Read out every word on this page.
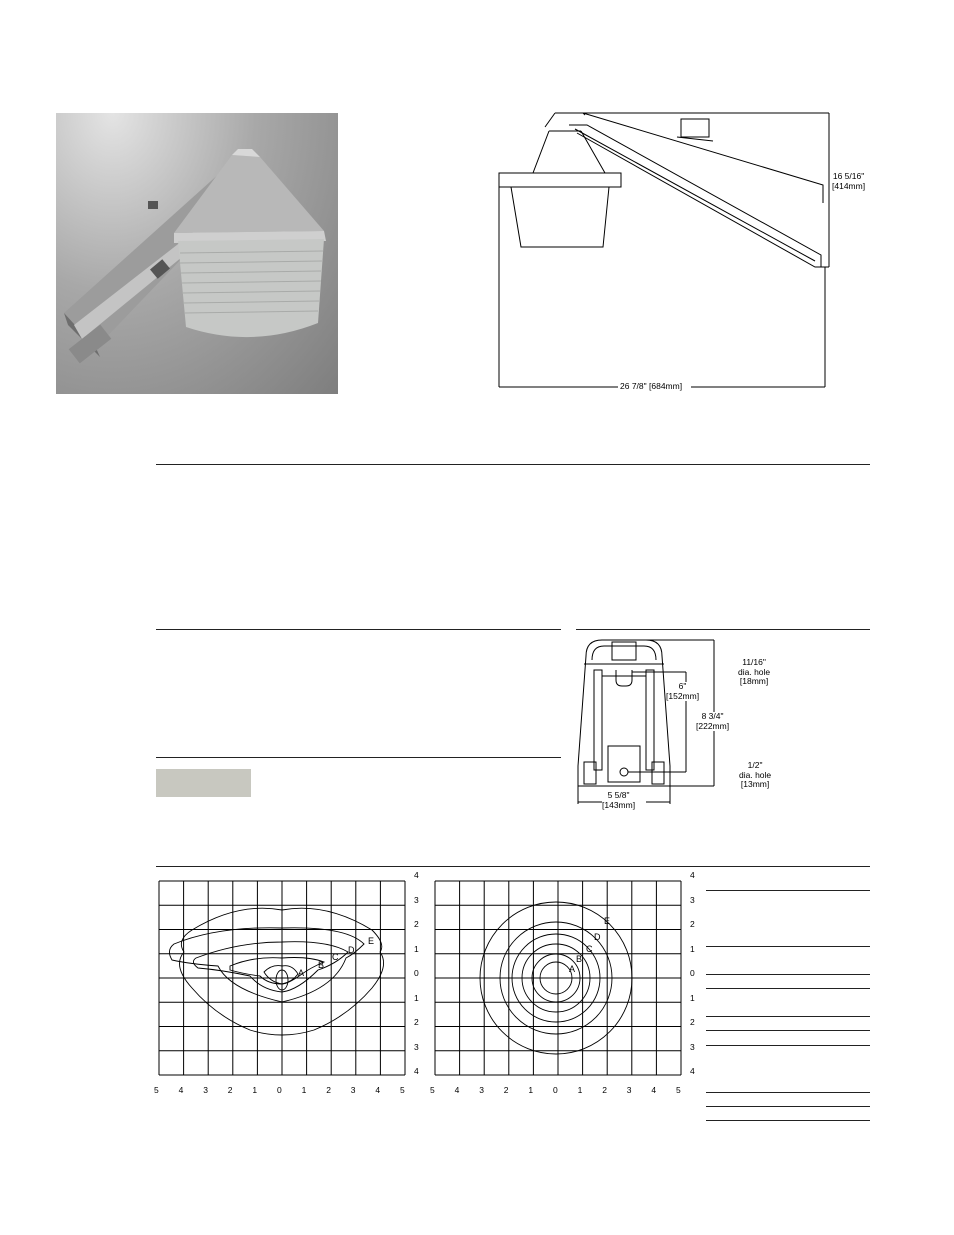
16 5/16"
[414mm]
26 7/8" [684mm]
11/16"
dia. hole
[18mm]
6"
[152mm]
8 3/4"
[222mm]
1/2"
dia. hole
[13mm]
5 5/8"
[143mm]
A
B
C
D
E
A
B
C
D
E
4
3
2
1
0
1
2
3
4
4
3
2
1
0
1
2
3
4
5 4 3 2 1 0 1 2 3 4 5	5 4 3 2 1 0 1 2 3 4 5
